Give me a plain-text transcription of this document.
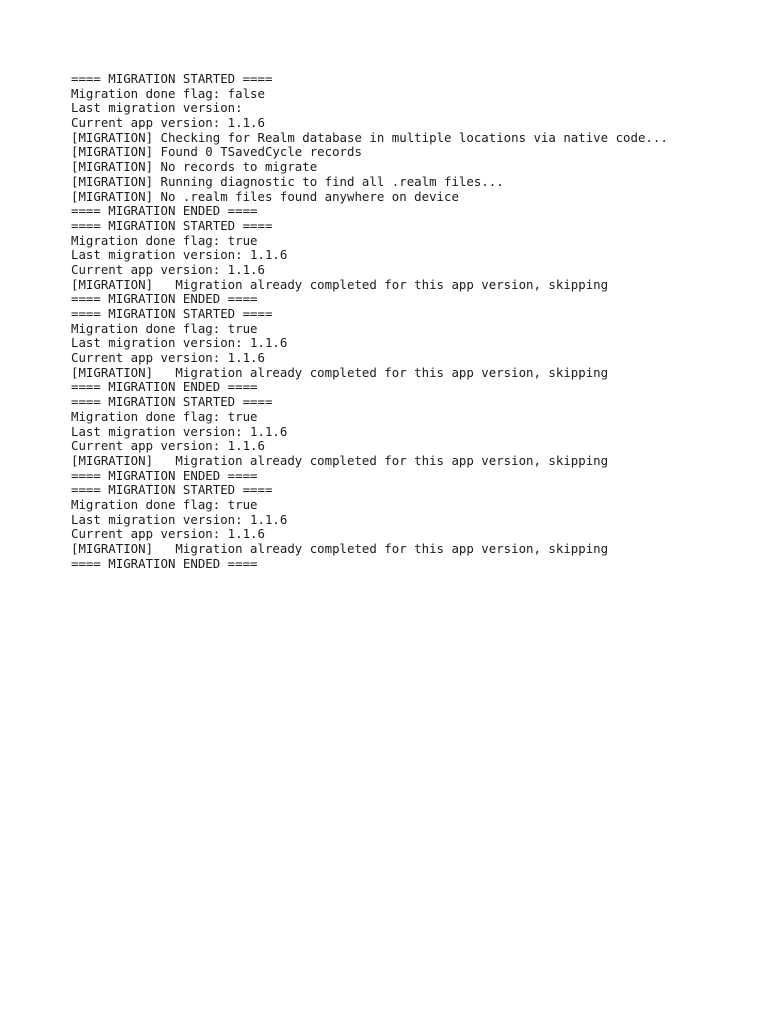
==== MIGRATION STARTED ====
Migration done flag: false
Last migration version:
Current app version: 1.1.6
[MIGRATION] Checking for Realm database in multiple locations via native code...
[MIGRATION] Found 0 TSavedCycle records
[MIGRATION] No records to migrate
[MIGRATION] Running diagnostic to find all .realm files...
[MIGRATION] No .realm files found anywhere on device
==== MIGRATION ENDED ====
==== MIGRATION STARTED ====
Migration done flag: true
Last migration version: 1.1.6
Current app version: 1.1.6
[MIGRATION]   Migration already completed for this app version, skipping
==== MIGRATION ENDED ====
==== MIGRATION STARTED ====
Migration done flag: true
Last migration version: 1.1.6
Current app version: 1.1.6
[MIGRATION]   Migration already completed for this app version, skipping
==== MIGRATION ENDED ====
==== MIGRATION STARTED ====
Migration done flag: true
Last migration version: 1.1.6
Current app version: 1.1.6
[MIGRATION]   Migration already completed for this app version, skipping
==== MIGRATION ENDED ====
==== MIGRATION STARTED ====
Migration done flag: true
Last migration version: 1.1.6
Current app version: 1.1.6
[MIGRATION]   Migration already completed for this app version, skipping
==== MIGRATION ENDED ====
